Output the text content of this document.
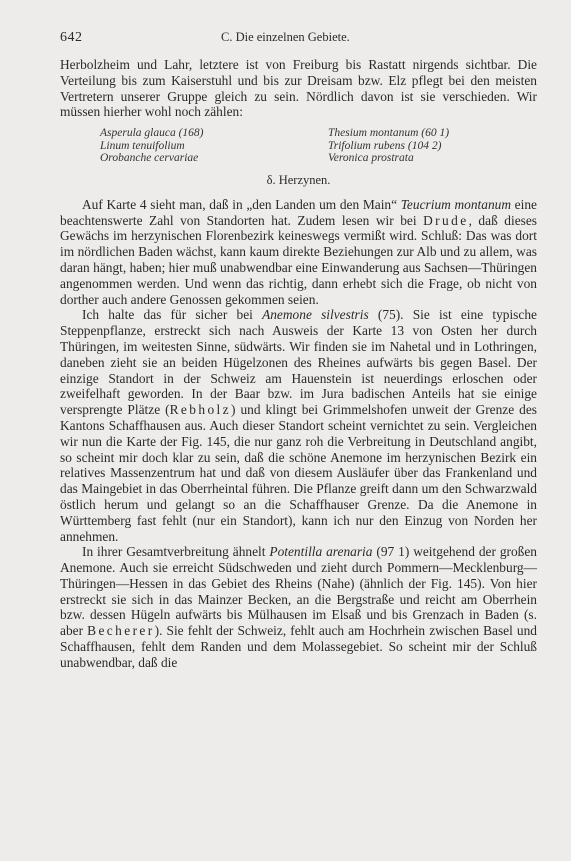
642	C. Die einzelnen Gebiete.

Herbolzheim und Lahr, letztere ist von Freiburg bis Rastatt nirgends sichtbar. Die Verteilung bis zum Kaiserstuhl und bis zur Dreisam bzw. Elz pflegt bei den meisten Vertretern unserer Gruppe gleich zu sein. Nördlich davon ist sie verschieden. Wir müssen hierher wohl noch zählen:

Asperula glauca (168)	Thesium montanum (60 1)
Linum tenuifolium	Trifolium rubens (104 2)
Orobanche cervariae	Veronica prostrata
δ. Herzynen.

Auf Karte 4 sieht man, daß in „den Landen um den Main“ Teucrium montanum eine beachtenswerte Zahl von Standorten hat. Zudem lesen wir bei Drude, daß dieses Gewächs im herzynischen Florenbezirk keineswegs vermißt wird. Schluß: Das was dort im nördlichen Baden wächst, kann kaum direkte Beziehungen zur Alb und zu allem, was daran hängt, haben; hier muß unabwendbar eine Einwanderung aus Sachsen—Thüringen angenommen werden. Und wenn das richtig, dann erhebt sich die Frage, ob nicht von dorther auch andere Genossen gekommen seien.

Ich halte das für sicher bei Anemone silvestris (75). Sie ist eine typische Steppenpflanze, erstreckt sich nach Ausweis der Karte 13 von Osten her durch Thüringen, im weitesten Sinne, südwärts. Wir finden sie im Nahetal und in Lothringen, daneben zieht sie an beiden Hügelzonen des Rheines aufwärts bis gegen Basel. Der einzige Standort in der Schweiz am Hauenstein ist neuerdings erloschen oder zweifelhaft geworden. In der Baar bzw. im Jura badischen Anteils hat sie einige versprengte Plätze (Rebholz) und klingt bei Grimmelshofen unweit der Grenze des Kantons Schaffhausen aus. Auch dieser Standort scheint vernichtet zu sein. Vergleichen wir nun die Karte der Fig. 145, die nur ganz roh die Verbreitung in Deutschland angibt, so scheint mir doch klar zu sein, daß die schöne Anemone im herzynischen Bezirk ein relatives Massenzentrum hat und daß von diesem Ausläufer über das Frankenland und das Maingebiet in das Oberrheintal führen. Die Pflanze greift dann um den Schwarzwald östlich herum und gelangt so an die Schaffhauser Grenze. Da die Anemone in Württemberg fast fehlt (nur ein Standort), kann ich nur den Einzug von Norden her annehmen.

In ihrer Gesamtverbreitung ähnelt Potentilla arenaria (97 1) weitgehend der großen Anemone. Auch sie erreicht Südschweden und zieht durch Pommern—Mecklenburg—Thüringen—Hessen in das Gebiet des Rheins (Nahe) (ähnlich der Fig. 145). Von hier erstreckt sie sich in das Mainzer Becken, an die Bergstraße und reicht am Oberrhein bzw. dessen Hügeln aufwärts bis Mülhausen im Elsaß und bis Grenzach in Baden (s. aber Becherer). Sie fehlt der Schweiz, fehlt auch am Hochrhein zwischen Basel und Schaffhausen, fehlt dem Randen und dem Molassegebiet. So scheint mir der Schluß unabwendbar, daß die
